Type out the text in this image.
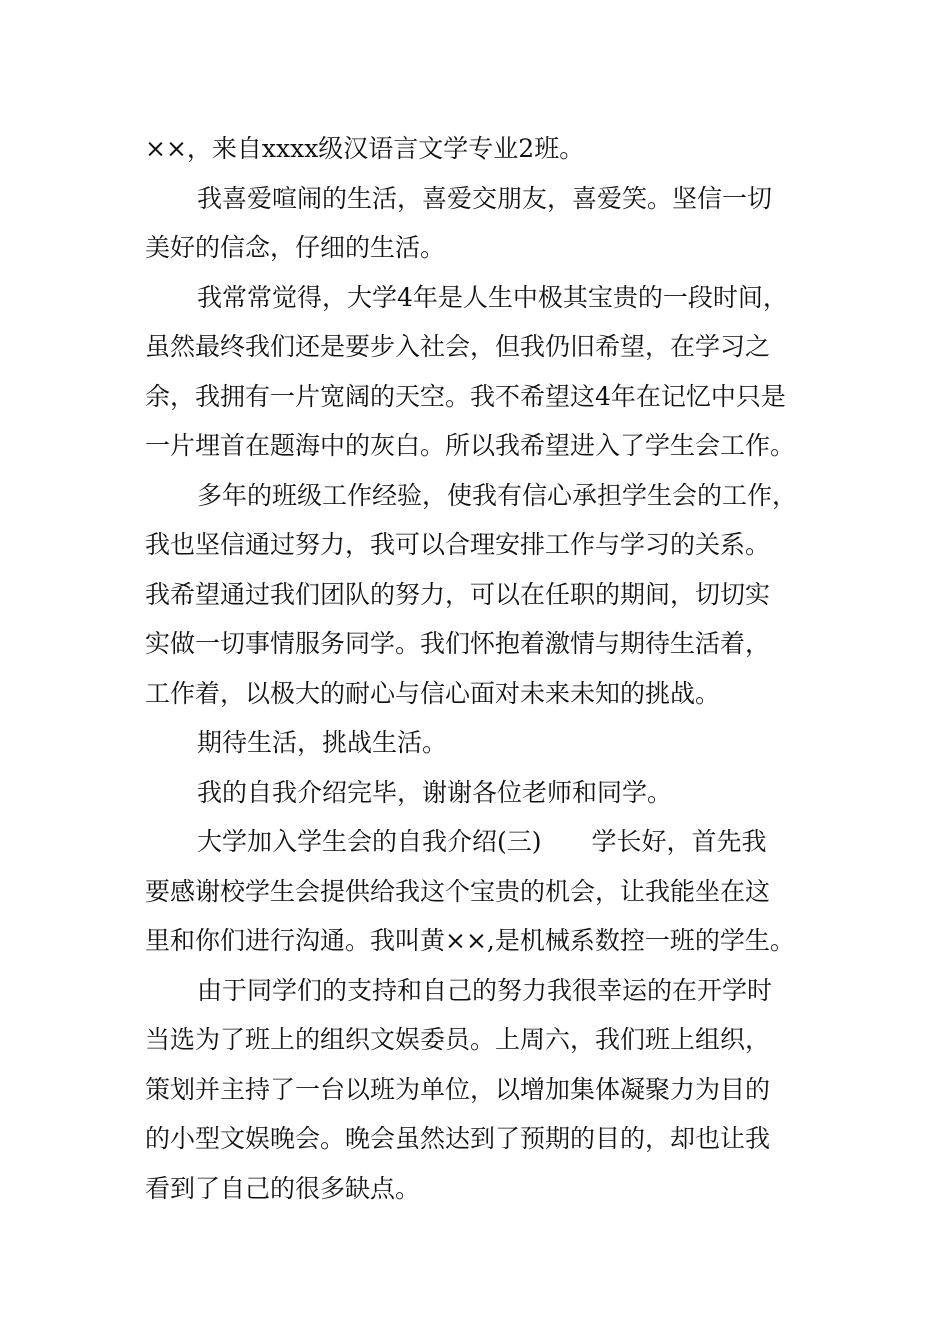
××，来自xxxx级汉语言文学专业2班。
我喜爱喧闹的生活，喜爱交朋友，喜爱笑。坚信一切
美好的信念，仔细的生活。
我常常觉得，大学4年是人生中极其宝贵的一段时间，
虽然最终我们还是要步入社会，但我仍旧希望，在学习之
余，我拥有一片宽阔的天空。我不希望这4年在记忆中只是
一片埋首在题海中的灰白。所以我希望进入了学生会工作。
多年的班级工作经验，使我有信心承担学生会的工作，
我也坚信通过努力，我可以合理安排工作与学习的关系。
我希望通过我们团队的努力，可以在任职的期间，切切实
实做一切事情服务同学。我们怀抱着激情与期待生活着，
工作着，以极大的耐心与信心面对未来未知的挑战。
期待生活，挑战生活。
我的自我介绍完毕，谢谢各位老师和同学。
大学加入学生会的自我介绍(三)　　学长好，首先我
要感谢校学生会提供给我这个宝贵的机会，让我能坐在这
里和你们进行沟通。我叫黄××,是机械系数控一班的学生。
由于同学们的支持和自己的努力我很幸运的在开学时
当选为了班上的组织文娱委员。上周六，我们班上组织，
策划并主持了一台以班为单位，以增加集体凝聚力为目的
的小型文娱晚会。晚会虽然达到了预期的目的，却也让我
看到了自己的很多缺点。
